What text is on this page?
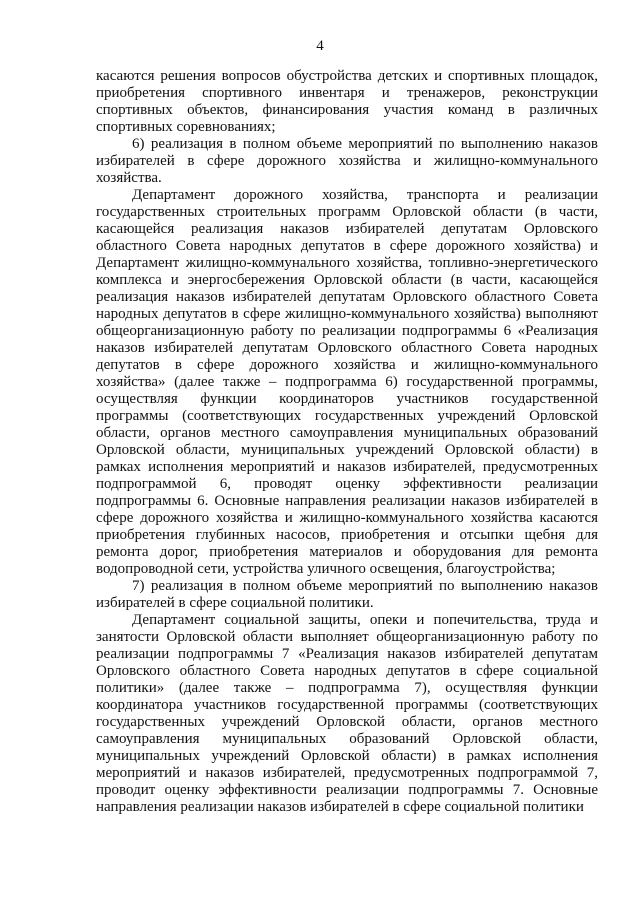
4

касаются решения вопросов обустройства детских и спортивных площадок, приобретения спортивного инвентаря и тренажеров, реконструкции спортивных объектов, финансирования участия команд в различных спортивных соревнованиях;

6) реализация в полном объеме мероприятий по выполнению наказов избирателей в сфере дорожного хозяйства и жилищно-коммунального хозяйства.

Департамент дорожного хозяйства, транспорта и реализации государственных строительных программ Орловской области (в части, касающейся реализация наказов избирателей депутатам Орловского областного Совета народных депутатов в сфере дорожного хозяйства) и Департамент жилищно-коммунального хозяйства, топливно-энергетического комплекса и энергосбережения Орловской области (в части, касающейся реализация наказов избирателей депутатам Орловского областного Совета народных депутатов в сфере жилищно-коммунального хозяйства) выполняют общеорганизационную работу по реализации подпрограммы 6 «Реализация наказов избирателей депутатам Орловского областного Совета народных депутатов в сфере дорожного хозяйства и жилищно-коммунального хозяйства» (далее также – подпрограмма 6) государственной программы, осуществляя функции координаторов участников государственной программы (соответствующих государственных учреждений Орловской области, органов местного самоуправления муниципальных образований Орловской области, муниципальных учреждений Орловской области) в рамках исполнения мероприятий и наказов избирателей, предусмотренных подпрограммой 6, проводят оценку эффективности реализации подпрограммы 6. Основные направления реализации наказов избирателей в сфере дорожного хозяйства и жилищно-коммунального хозяйства касаются приобретения глубинных насосов, приобретения и отсыпки щебня для ремонта дорог, приобретения материалов и оборудования для ремонта водопроводной сети, устройства уличного освещения, благоустройства;

7) реализация в полном объеме мероприятий по выполнению наказов избирателей в сфере социальной политики.

Департамент социальной защиты, опеки и попечительства, труда и занятости Орловской области выполняет общеорганизационную работу по реализации подпрограммы 7 «Реализация наказов избирателей депутатам Орловского областного Совета народных депутатов в сфере социальной политики» (далее также – подпрограмма 7), осуществляя функции координатора участников государственной программы (соответствующих государственных учреждений Орловской области, органов местного самоуправления муниципальных образований Орловской области, муниципальных учреждений Орловской области) в рамках исполнения мероприятий и наказов избирателей, предусмотренных подпрограммой 7, проводит оценку эффективности реализации подпрограммы 7. Основные направления реализации наказов избирателей в сфере социальной политики
